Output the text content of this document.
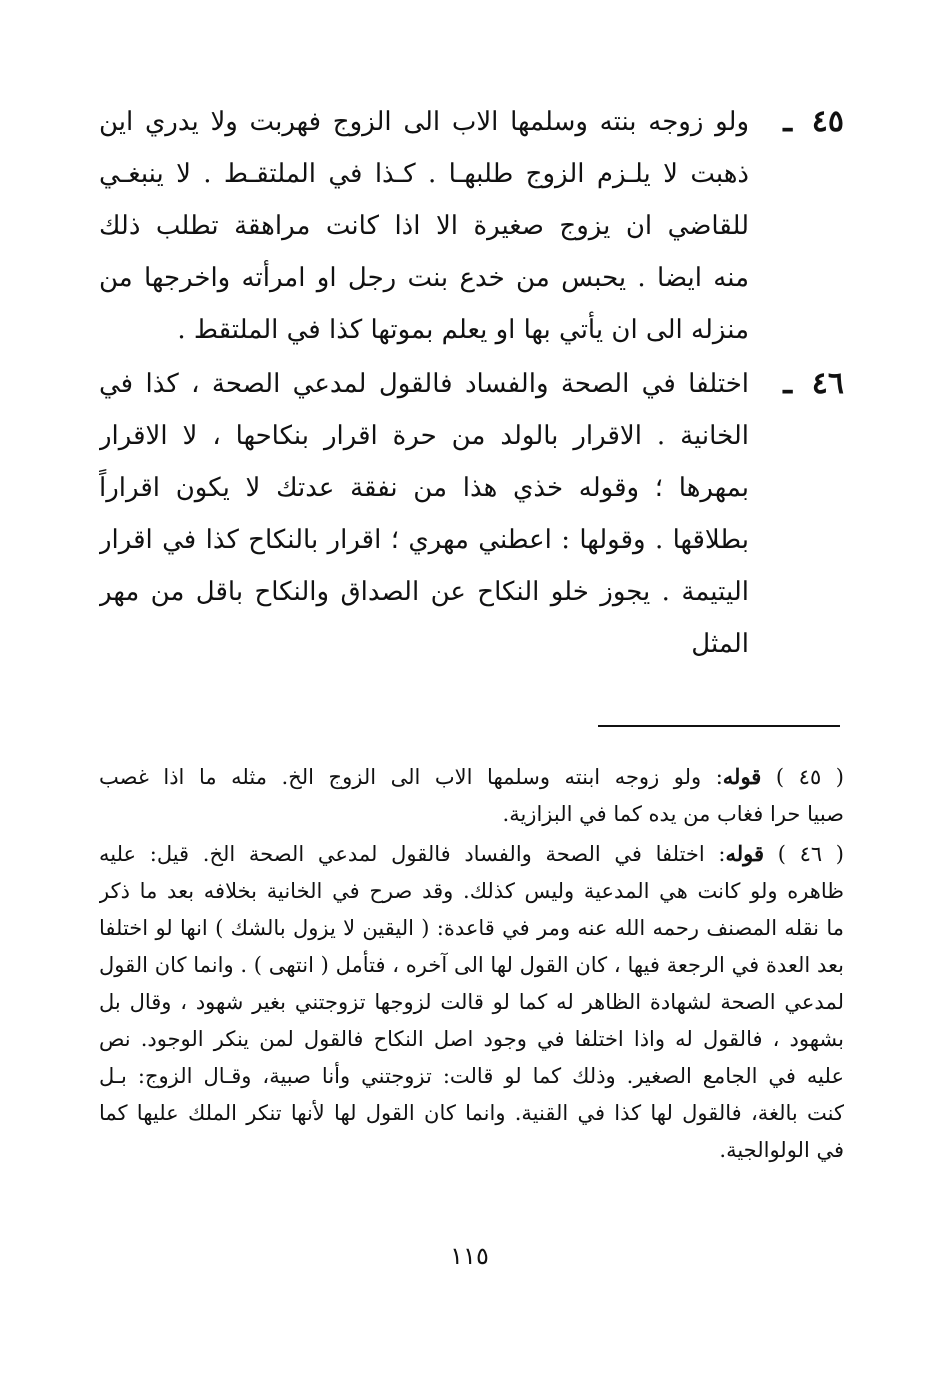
٤٥
ـ
ولو زوجه بنته وسلمها الاب الى الزوج فهربت ولا يدري اين
ذهبت لا يلـزم الزوج طلبهـا . كـذا في الملتقـط . لا ينبغـي
للقاضي ان يزوج صغيرة الا اذا كانت مراهقة تطلب ذلك
منه ايضا . يحبس من خدع بنت رجل او امرأته واخرجها من
منزله الى ان يأتي بها او يعلم بموتها كذا في الملتقط .
٤٦
ـ
اختلفا في الصحة والفساد فالقول لمدعي الصحة ، كذا في
الخانية . الاقرار بالولد من حرة اقرار بنكاحها ، لا الاقرار
بمهرها ؛ وقوله خذي هذا من نفقة عدتك لا يكون اقراراً
بطلاقها . وقولها : اعطني مهري ؛ اقرار بالنكاح كذا في اقرار
اليتيمة . يجوز خلو النكاح عن الصداق والنكاح باقل من مهر
المثل
( ٤٥ ) قوله: ولو زوجه ابنته وسلمها الاب الى الزوج الخ. مثله ما اذا غصب
صبيا حرا فغاب من يده كما في البزازية.
( ٤٦ ) قوله: اختلفا في الصحة والفساد فالقول لمدعي الصحة الخ. قيل: عليه
ظاهره ولو كانت هي المدعية وليس كذلك. وقد صرح في الخانية بخلافه بعد ما ذكر
ما نقله المصنف رحمه الله عنه ومر في قاعدة: ( اليقين لا يزول بالشك ) انها لو اختلفا
بعد العدة في الرجعة فيها ، كان القول لها الى آخره ، فتأمل ( انتهى ) . وانما كان القول
لمدعي الصحة لشهادة الظاهر له كما لو قالت لزوجها تزوجتني بغير شهود ، وقال بل
بشهود ، فالقول له واذا اختلفا في وجود اصل النكاح فالقول لمن ينكر الوجود. نص
عليه في الجامع الصغير. وذلك كما لو قالت: تزوجتني وأنا صبية، وقـال الزوج: بـل
كنت بالغة، فالقول لها كذا في القنية. وانما كان القول لها لأنها تنكر الملك عليها كما
في الولوالجية.
١١٥
